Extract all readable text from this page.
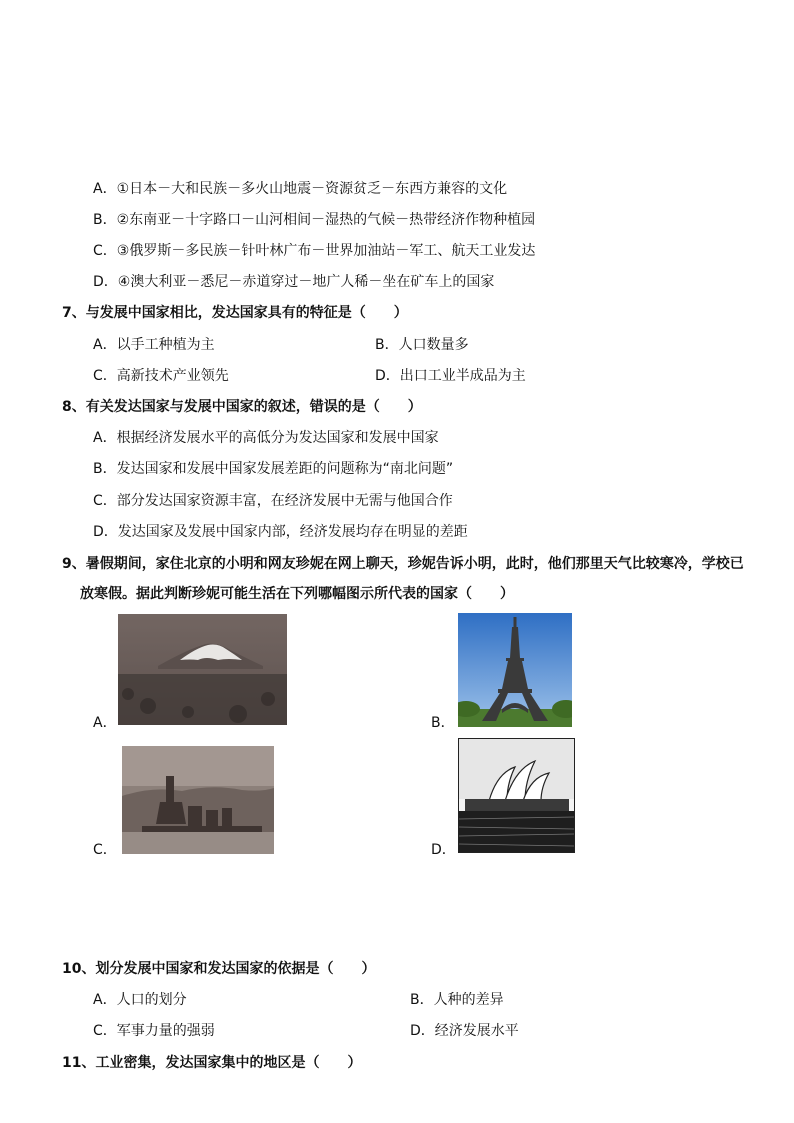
A．①日本－大和民族－多火山地震－资源贫乏－东西方兼容的文化
B．②东南亚－十字路口－山河相间－湿热的气候－热带经济作物种植园
C．③俄罗斯－多民族－针叶林广布－世界加油站－军工、航天工业发达
D．④澳大利亚－悉尼－赤道穿过－地广人稀－坐在矿车上的国家
7、与发展中国家相比，发达国家具有的特征是（　　）
A．以手工种植为主	B．人口数量多
C．高新技术产业领先	D．出口工业半成品为主
8、有关发达国家与发展中国家的叙述，错误的是（　　）
A．根据经济发展水平的高低分为发达国家和发展中国家
B．发达国家和发展中国家发展差距的问题称为“南北问题”
C．部分发达国家资源丰富，在经济发展中无需与他国合作
D．发达国家及发展中国家内部，经济发展均存在明显的差距
9、暑假期间，家住北京的小明和网友珍妮在网上聊天，珍妮告诉小明，此时，他们那里天气比较寒冷，学校已
放寒假。据此判断珍妮可能生活在下列哪幅图示所代表的国家（　　）
A．	B．
C．	D．
10、划分发展中国家和发达国家的依据是（　　）
A．人口的划分	B．人种的差异
C．军事力量的强弱	D．经济发展水平
11、工业密集，发达国家集中的地区是（　　）
